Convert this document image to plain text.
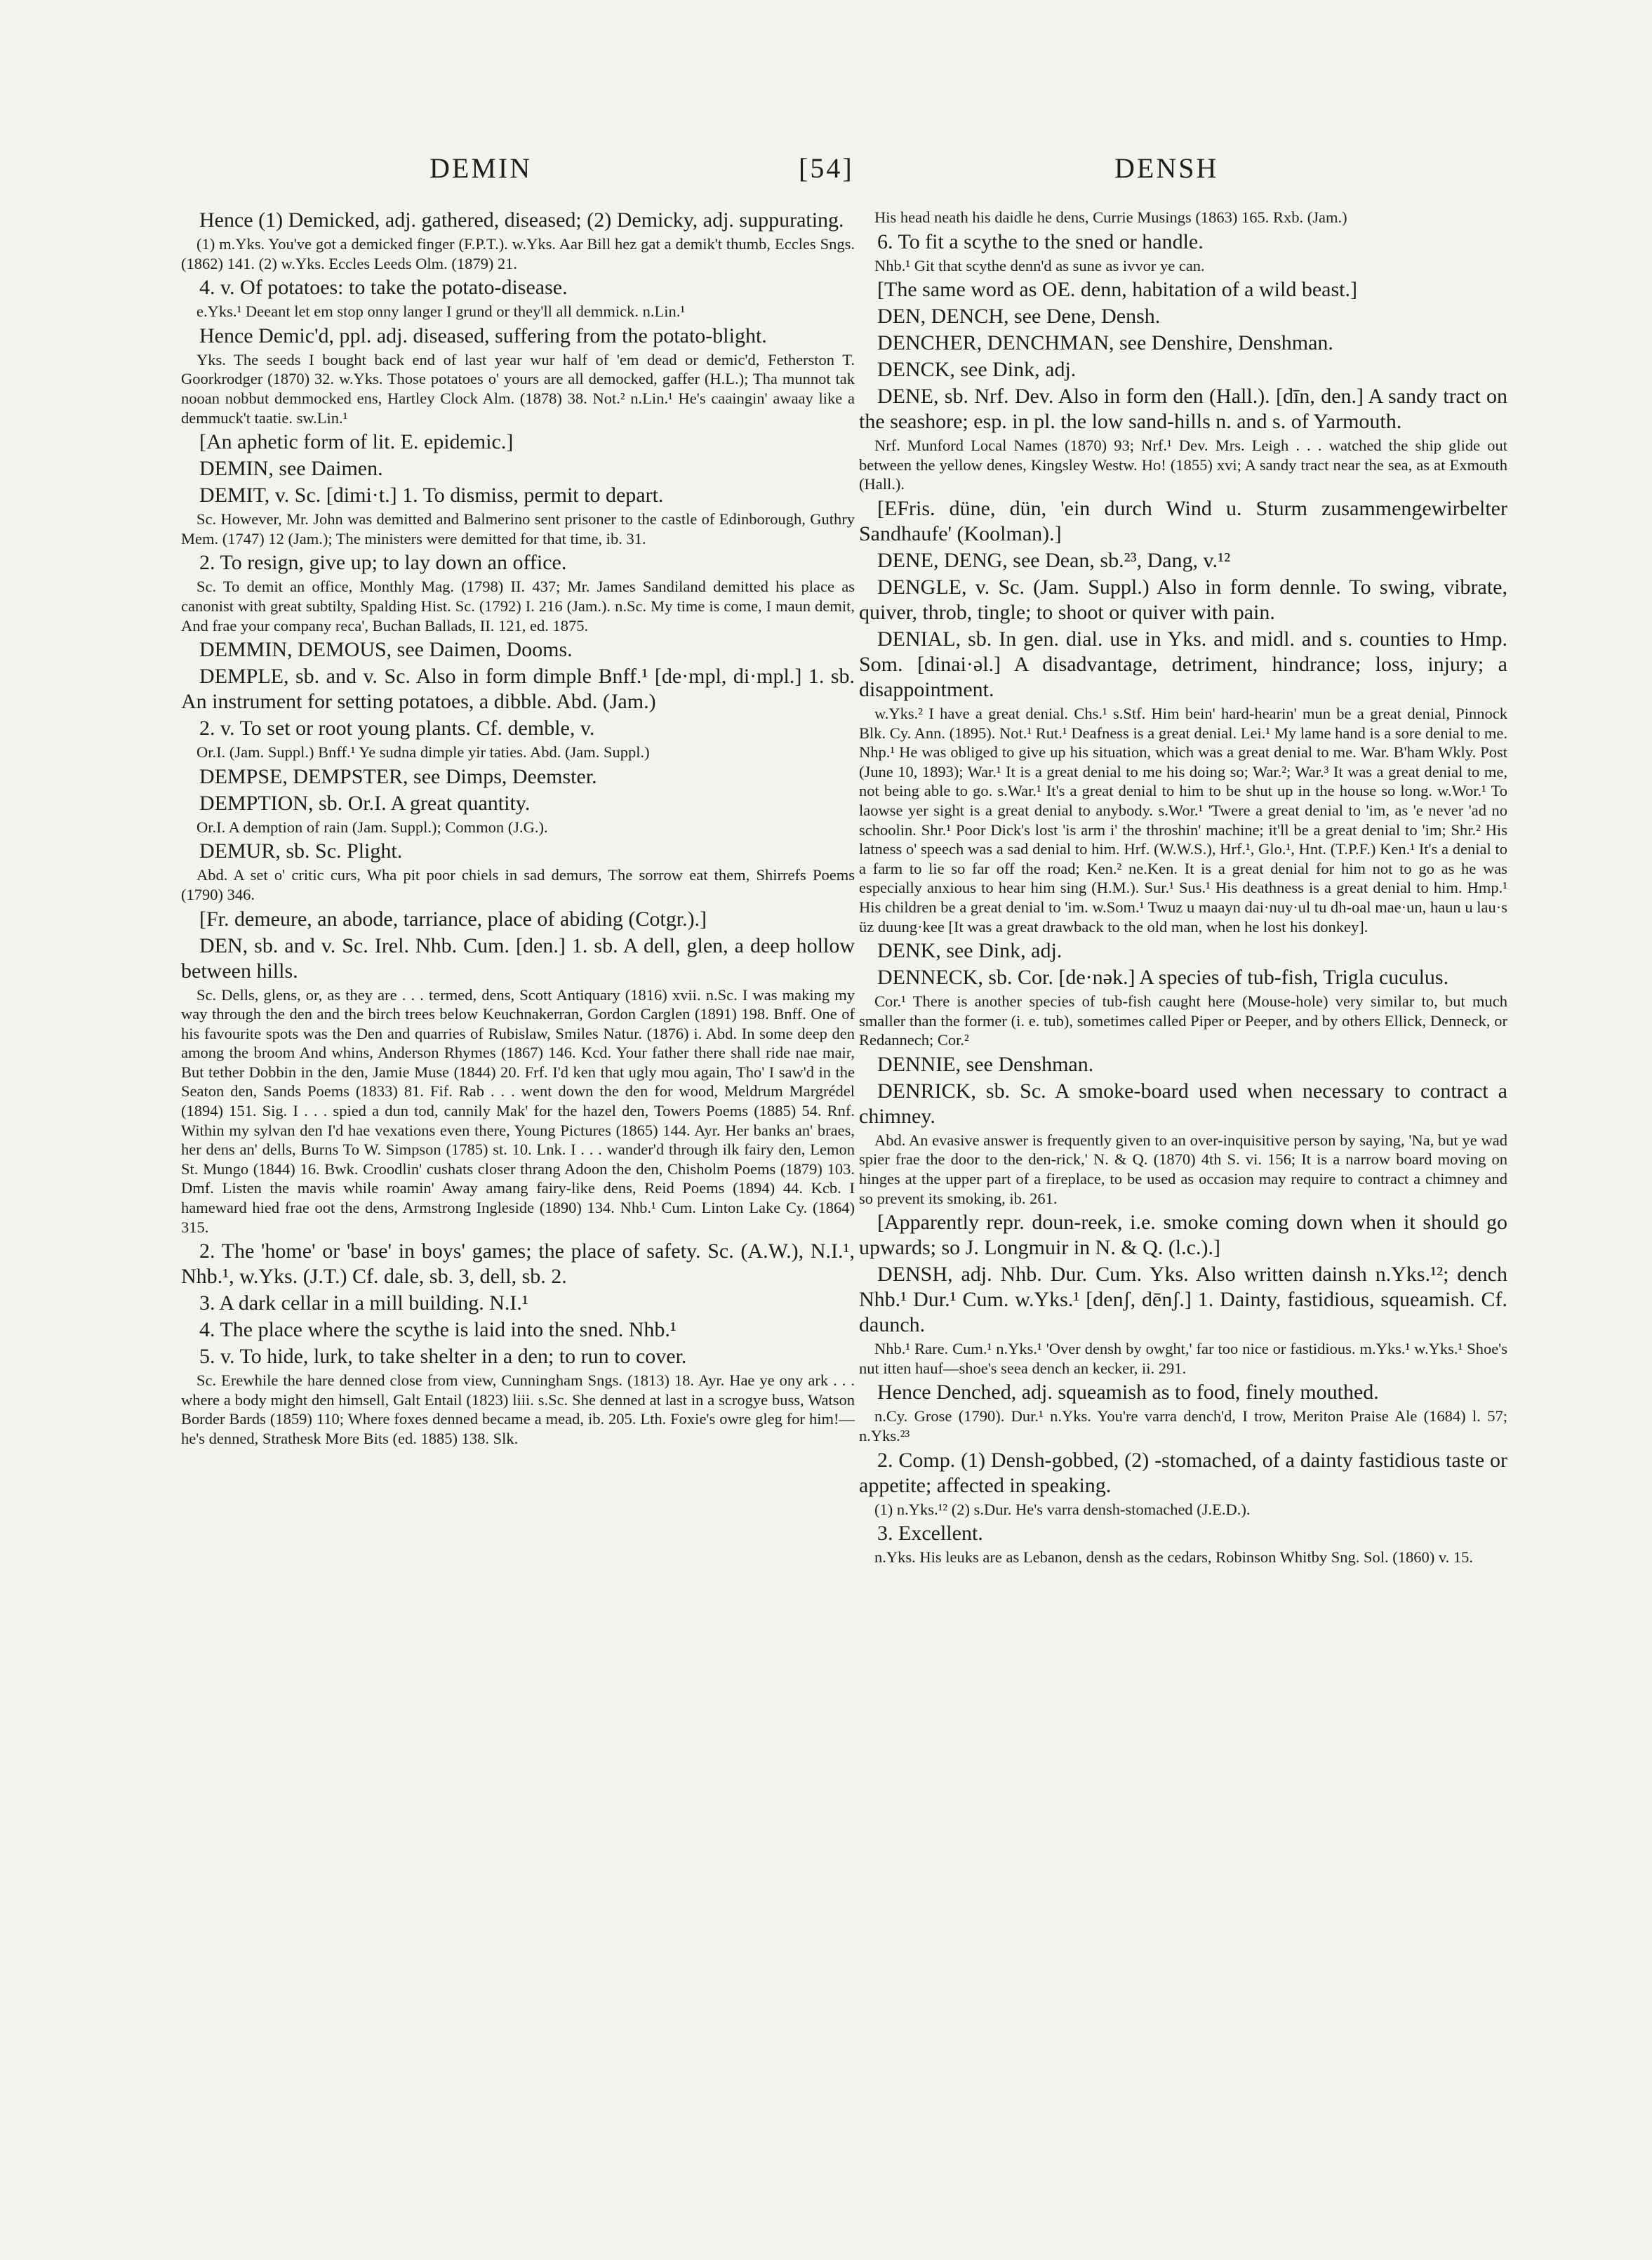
DEMIN	[54]	DENSH

Hence (1) Demicked, adj. gathered, diseased; (2) Demicky, adj. suppurating.

(1) m.Yks. You've got a demicked finger (F.P.T.). w.Yks. Aar Bill hez gat a demik't thumb, Eccles Sngs. (1862) 141. (2) w.Yks. Eccles Leeds Olm. (1879) 21.

4. v. Of potatoes: to take the potato-disease.

e.Yks.¹ Deeant let em stop onny langer I grund or they'll all demmick. n.Lin.¹

Hence Demic'd, ppl. adj. diseased, suffering from the potato-blight.

Yks. The seeds I bought back end of last year wur half of 'em dead or demic'd, Fetherston T. Goorkrodger (1870) 32. w.Yks. Those potatoes o' yours are all democked, gaffer (H.L.); Tha munnot tak nooan nobbut demmocked ens, Hartley Clock Alm. (1878) 38. Not.² n.Lin.¹ He's caaingin' awaay like a demmuck't taatie. sw.Lin.¹

[An aphetic form of lit. E. epidemic.]

DEMIN, see Daimen.

DEMIT, v. Sc. [dimi·t.] 1. To dismiss, permit to depart.

Sc. However, Mr. John was demitted and Balmerino sent prisoner to the castle of Edinborough, Guthry Mem. (1747) 12 (Jam.); The ministers were demitted for that time, ib. 31.

2. To resign, give up; to lay down an office.

Sc. To demit an office, Monthly Mag. (1798) II. 437; Mr. James Sandiland demitted his place as canonist with great subtilty, Spalding Hist. Sc. (1792) I. 216 (Jam.). n.Sc. My time is come, I maun demit, And frae your company reca', Buchan Ballads, II. 121, ed. 1875.

DEMMIN, DEMOUS, see Daimen, Dooms.

DEMPLE, sb. and v. Sc. Also in form dimple Bnff.¹ [de·mpl, di·mpl.] 1. sb. An instrument for setting potatoes, a dibble. Abd. (Jam.)

2. v. To set or root young plants. Cf. demble, v.

Or.I. (Jam. Suppl.) Bnff.¹ Ye sudna dimple yir taties. Abd. (Jam. Suppl.)

DEMPSE, DEMPSTER, see Dimps, Deemster.

DEMPTION, sb. Or.I. A great quantity.

Or.I. A demption of rain (Jam. Suppl.); Common (J.G.).

DEMUR, sb. Sc. Plight.

Abd. A set o' critic curs, Wha pit poor chiels in sad demurs, The sorrow eat them, Shirrefs Poems (1790) 346.

[Fr. demeure, an abode, tarriance, place of abiding (Cotgr.).]

DEN, sb. and v. Sc. Irel. Nhb. Cum. [den.] 1. sb. A dell, glen, a deep hollow between hills.

Sc. Dells, glens, or, as they are . . . termed, dens, Scott Antiquary (1816) xvii. n.Sc. I was making my way through the den and the birch trees below Keuchnakerran, Gordon Carglen (1891) 198. Bnff. One of his favourite spots was the Den and quarries of Rubislaw, Smiles Natur. (1876) i. Abd. In some deep den among the broom And whins, Anderson Rhymes (1867) 146. Kcd. Your father there shall ride nae mair, But tether Dobbin in the den, Jamie Muse (1844) 20. Frf. I'd ken that ugly mou again, Tho' I saw'd in the Seaton den, Sands Poems (1833) 81. Fif. Rab . . . went down the den for wood, Meldrum Margrédel (1894) 151. Sig. I . . . spied a dun tod, cannily Mak' for the hazel den, Towers Poems (1885) 54. Rnf. Within my sylvan den I'd hae vexations even there, Young Pictures (1865) 144. Ayr. Her banks an' braes, her dens an' dells, Burns To W. Simpson (1785) st. 10. Lnk. I . . . wander'd through ilk fairy den, Lemon St. Mungo (1844) 16. Bwk. Croodlin' cushats closer thrang Adoon the den, Chisholm Poems (1879) 103. Dmf. Listen the mavis while roamin' Away amang fairy-like dens, Reid Poems (1894) 44. Kcb. I hameward hied frae oot the dens, Armstrong Ingleside (1890) 134. Nhb.¹ Cum. Linton Lake Cy. (1864) 315.

2. The 'home' or 'base' in boys' games; the place of safety. Sc. (A.W.), N.I.¹, Nhb.¹, w.Yks. (J.T.) Cf. dale, sb. 3, dell, sb. 2.

3. A dark cellar in a mill building. N.I.¹

4. The place where the scythe is laid into the sned. Nhb.¹

5. v. To hide, lurk, to take shelter in a den; to run to cover.

Sc. Erewhile the hare denned close from view, Cunningham Sngs. (1813) 18. Ayr. Hae ye ony ark . . . where a body might den himsell, Galt Entail (1823) liii. s.Sc. She denned at last in a scrogye buss, Watson Border Bards (1859) 110; Where foxes denned became a mead, ib. 205. Lth. Foxie's owre gleg for him!—he's denned, Strathesk More Bits (ed. 1885) 138. Slk.

His head neath his daidle he dens, Currie Musings (1863) 165. Rxb. (Jam.)

6. To fit a scythe to the sned or handle.

Nhb.¹ Git that scythe denn'd as sune as ivvor ye can.

[The same word as OE. denn, habitation of a wild beast.]

DEN, DENCH, see Dene, Densh.

DENCHER, DENCHMAN, see Denshire, Denshman.

DENCK, see Dink, adj.

DENE, sb. Nrf. Dev. Also in form den (Hall.). [dīn, den.] A sandy tract on the seashore; esp. in pl. the low sand-hills n. and s. of Yarmouth.

Nrf. Munford Local Names (1870) 93; Nrf.¹ Dev. Mrs. Leigh . . . watched the ship glide out between the yellow denes, Kingsley Westw. Ho! (1855) xvi; A sandy tract near the sea, as at Exmouth (Hall.).

[EFris. düne, dün, 'ein durch Wind u. Sturm zusammengewirbelter Sandhaufe' (Koolman).]

DENE, DENG, see Dean, sb.²³, Dang, v.¹²

DENGLE, v. Sc. (Jam. Suppl.) Also in form dennle. To swing, vibrate, quiver, throb, tingle; to shoot or quiver with pain.

DENIAL, sb. In gen. dial. use in Yks. and midl. and s. counties to Hmp. Som. [dinai·əl.] A disadvantage, detriment, hindrance; loss, injury; a disappointment.

w.Yks.² I have a great denial. Chs.¹ s.Stf. Him bein' hard-hearin' mun be a great denial, Pinnock Blk. Cy. Ann. (1895). Not.¹ Rut.¹ Deafness is a great denial. Lei.¹ My lame hand is a sore denial to me. Nhp.¹ He was obliged to give up his situation, which was a great denial to me. War. B'ham Wkly. Post (June 10, 1893); War.¹ It is a great denial to me his doing so; War.²; War.³ It was a great denial to me, not being able to go. s.War.¹ It's a great denial to him to be shut up in the house so long. w.Wor.¹ To laowse yer sight is a great denial to anybody. s.Wor.¹ 'Twere a great denial to 'im, as 'e never 'ad no schoolin. Shr.¹ Poor Dick's lost 'is arm i' the throshin' machine; it'll be a great denial to 'im; Shr.² His latness o' speech was a sad denial to him. Hrf. (W.W.S.), Hrf.¹, Glo.¹, Hnt. (T.P.F.) Ken.¹ It's a denial to a farm to lie so far off the road; Ken.² ne.Ken. It is a great denial for him not to go as he was especially anxious to hear him sing (H.M.). Sur.¹ Sus.¹ His deathness is a great denial to him. Hmp.¹ His children be a great denial to 'im. w.Som.¹ Twuz u maayn dai·nuy·ul tu dh-oal mae·un, haun u lau·s üz duung·kee [It was a great drawback to the old man, when he lost his donkey].

DENK, see Dink, adj.

DENNECK, sb. Cor. [de·nək.] A species of tub-fish, Trigla cuculus.

Cor.¹ There is another species of tub-fish caught here (Mouse-hole) very similar to, but much smaller than the former (i. e. tub), sometimes called Piper or Peeper, and by others Ellick, Denneck, or Redannech; Cor.²

DENNIE, see Denshman.

DENRICK, sb. Sc. A smoke-board used when necessary to contract a chimney.

Abd. An evasive answer is frequently given to an over-inquisitive person by saying, 'Na, but ye wad spier frae the door to the den-rick,' N. & Q. (1870) 4th S. vi. 156; It is a narrow board moving on hinges at the upper part of a fireplace, to be used as occasion may require to contract a chimney and so prevent its smoking, ib. 261.

[Apparently repr. doun-reek, i.e. smoke coming down when it should go upwards; so J. Longmuir in N. & Q. (l.c.).]

DENSH, adj. Nhb. Dur. Cum. Yks. Also written dainsh n.Yks.¹²; dench Nhb.¹ Dur.¹ Cum. w.Yks.¹ [denʃ, dēnʃ.] 1. Dainty, fastidious, squeamish. Cf. daunch.

Nhb.¹ Rare. Cum.¹ n.Yks.¹ 'Over densh by owght,' far too nice or fastidious. m.Yks.¹ w.Yks.¹ Shoe's nut itten hauf—shoe's seea dench an kecker, ii. 291.

Hence Denched, adj. squeamish as to food, finely mouthed.

n.Cy. Grose (1790). Dur.¹ n.Yks. You're varra dench'd, I trow, Meriton Praise Ale (1684) l. 57; n.Yks.²³

2. Comp. (1) Densh-gobbed, (2) -stomached, of a dainty fastidious taste or appetite; affected in speaking.

(1) n.Yks.¹² (2) s.Dur. He's varra densh-stomached (J.E.D.).

3. Excellent.

n.Yks. His leuks are as Lebanon, densh as the cedars, Robinson Whitby Sng. Sol. (1860) v. 15.
